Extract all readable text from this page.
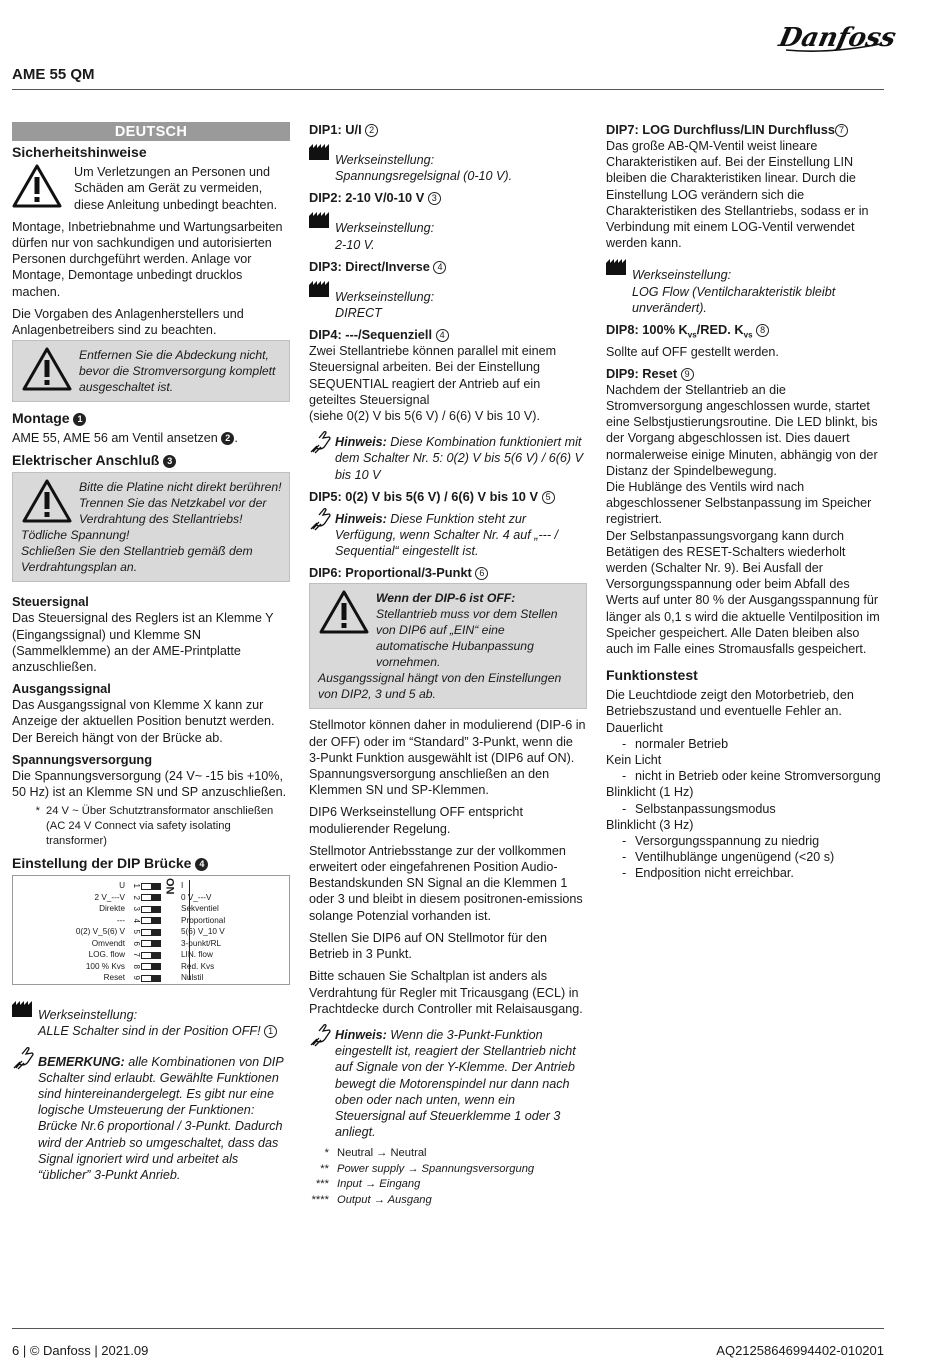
Danfoss
AME 55 QM
DEUTSCH
Sicherheitshinweise
Um Verletzungen an Personen und Schäden am Gerät zu vermeiden, diese Anleitung unbedingt beachten.

Montage, Inbetriebnahme und Wartungsarbeiten dürfen nur von sachkundigen und autorisierten Personen durchgeführt werden. Anlage vor Montage, Demontage unbedingt drucklos machen.

Die Vorgaben des Anlagenherstellers und Anlagenbetreibers sind zu beachten.

Entfernen Sie die Abdeckung nicht, bevor die Stromversorgung komplett ausgeschaltet ist.
Montage 1

AME 55, AME 56 am Ventil ansetzen 2 .

Elektrischer Anschluß 3
Bitte die Platine nicht direkt berühren! Trennen Sie das Netzkabel vor der Verdrahtung des Stellantriebs!
Tödliche Spannung!
Schließen Sie den Stellantrieb gemäß dem Verdrahtungsplan an.
Steuersignal

Das Steuersignal des Reglers ist an Klemme Y (Eingangssignal) und Klemme SN (Sammelklemme) an der AME-Printplatte anzuschließen.

Ausgangssignal

Das Ausgangssignal von Klemme X kann zur Anzeige der aktuellen Position benutzt werden. Der Bereich hängt von der Brücke ab.

Spannungsversorgung

Die Spannungsversorgung (24 V~ -15 bis +10%, 50 Hz) ist an Klemme SN und SP anzuschließen.

* 24 V ~ Über Schutztransformator anschließen (AC 24 V Connect via safety isolating transformer)
Einstellung der DIP Brücke 4
U
2 V_---V
Direkte
---
0(2) V_5(6) V
Omvendt
LOG. flow
100 % Kvs
Reset
1
2
3
4
5
6
7
8
9
ON I
0 V_---V
Sekventiel
Proportional
5(6) V_10 V
3-punkt/RL
LIN. flow
Red. Kvs
Nulstil
Werkseinstellung:
ALLE Schalter sind in der Position OFF! 1
BEMERKUNG: alle Kombinationen von DIP Schalter sind erlaubt. Gewählte Funktionen sind hintereinandergelegt. Es gibt nur eine logische Umsteuerung der Funktionen: Brücke Nr.6 proportional / 3-Punkt. Dadurch wird der Antrieb so umgeschaltet, dass das Signal ignoriert wird und arbeitet als “üblicher” 3-Punkt Anrieb.
DIP1: U/I 2
Werkseinstellung:
Spannungsregelsignal (0-10 V).
DIP2: 2-10 V/0-10 V 3
Werkseinstellung:
2-10 V.
DIP3: Direct/Inverse 4
Werkseinstellung:
DIRECT
DIP4: ---/Sequenziell 4

Zwei Stellantriebe können parallel mit einem Steuersignal arbeiten. Bei der Einstellung SEQUENTIAL reagiert der Antrieb auf ein geteiltes Steuersignal

(siehe 0(2) V bis 5(6 V) / 6(6) V bis 10 V).

Hinweis: Diese Kombination funktioniert mit dem Schalter Nr. 5: 0(2) V bis 5(6 V) / 6(6) V bis 10 V
DIP5: 0(2) V bis 5(6 V) / 6(6) V bis 10 V 5
Hinweis: Diese Funktion steht zur Verfügung, wenn Schalter Nr. 4 auf „--- / Sequential“ eingestellt ist.
DIP6: Proportional/3-Punkt 6
Wenn der DIP-6 ist OFF:
Stellantrieb muss vor dem Stellen von DIP6 auf „EIN“ eine automatische Hubanpassung vornehmen.
Ausgangssignal hängt von den Einstellungen von DIP2, 3 und 5 ab.

Stellmotor können daher in modulierend (DIP-6 in der OFF) oder im “Standard” 3-Punkt, wenn die 3-Punkt Funktion ausgewählt ist (DIP6 auf ON).

Spannungsversorgung anschließen an den Klemmen SN und SP-Klemmen.

DIP6 Werkseinstellung OFF entspricht modulierender Regelung.

Stellmotor Antriebsstange zur der vollkommen erweitert oder eingefahrenen Position Audio-Bestandskunden SN Signal an die Klemmen 1 oder 3 und bleibt in diesem positronen-emissions solange Potenzial vorhanden ist.

Stellen Sie DIP6 auf ON Stellmotor für den Betrieb in 3 Punkt.

Bitte schauen Sie Schaltplan ist anders als Verdrahtung für Regler mit Tricausgang (ECL) in Prachtdecke durch Controller mit Relaisausgang.

Hinweis: Wenn die 3-Punkt-Funktion eingestellt ist, reagiert der Stellantrieb nicht auf Signale von der Y-Klemme. Der Antrieb bewegt die Motorenspindel nur dann nach oben oder nach unten, wenn ein Steuersignal auf Steuerklemme 1 oder 3 anliegt.
* Neutral → Neutral
** Power supply → Spannungsversorgung
*** Input → Eingang
**** Output → Ausgang
DIP7: LOG Durchfluss/LIN Durchfluss 7

Das große AB-QM-Ventil weist lineare Charakteristiken auf. Bei der Einstellung LIN bleiben die Charakteristiken linear. Durch die Einstellung LOG verändern sich die Charakteristiken des Stellantriebs, sodass er in Verbindung mit einem LOG-Ventil verwendet werden kann.

Werkseinstellung:
LOG Flow (Ventilcharakteristik bleibt unverändert).
DIP8: 100% $K_{vs}$/RED. $K_{vs}$ 8

Sollte auf OFF gestellt werden.

DIP9: Reset 9

Nachdem der Stellantrieb an die Stromversorgung angeschlossen wurde, startet eine Selbstjustierungsroutine. Die LED blinkt, bis der Vorgang abgeschlossen ist. Dies dauert normalerweise einige Minuten, abhängig von der Distanz der Spindelbewegung.

Die Hublänge des Ventils wird nach abgeschlossener Selbstanpassung im Speicher registriert.

Der Selbstanpassungsvorgang kann durch Betätigen des RESET-Schalters wiederholt werden (Schalter Nr. 9). Bei Ausfall der Versorgungsspannung oder beim Abfall des Werts auf unter 80 % der Ausgangsspannung für länger als 0,1 s wird die aktuelle Ventilposition im Speicher gespeichert. Alle Daten bleiben also auch im Falle eines Stromausfalls gespeichert.

Funktionstest

Die Leuchtdiode zeigt den Motorbetrieb, den Betriebszustand und eventuelle Fehler an.

Dauerlicht
- normaler Betrieb
Kein Licht
- nicht in Betrieb oder keine Stromversorgung
Blinklicht (1 Hz)
- Selbstanpassungsmodus
Blinklicht (3 Hz)
- Versorgungsspannung zu niedrig
- Ventilhublänge ungenügend (<20 s)
- Endposition nicht erreichbar.
6 | © Danfoss | 2021.09	AQ21258646994402-010201
